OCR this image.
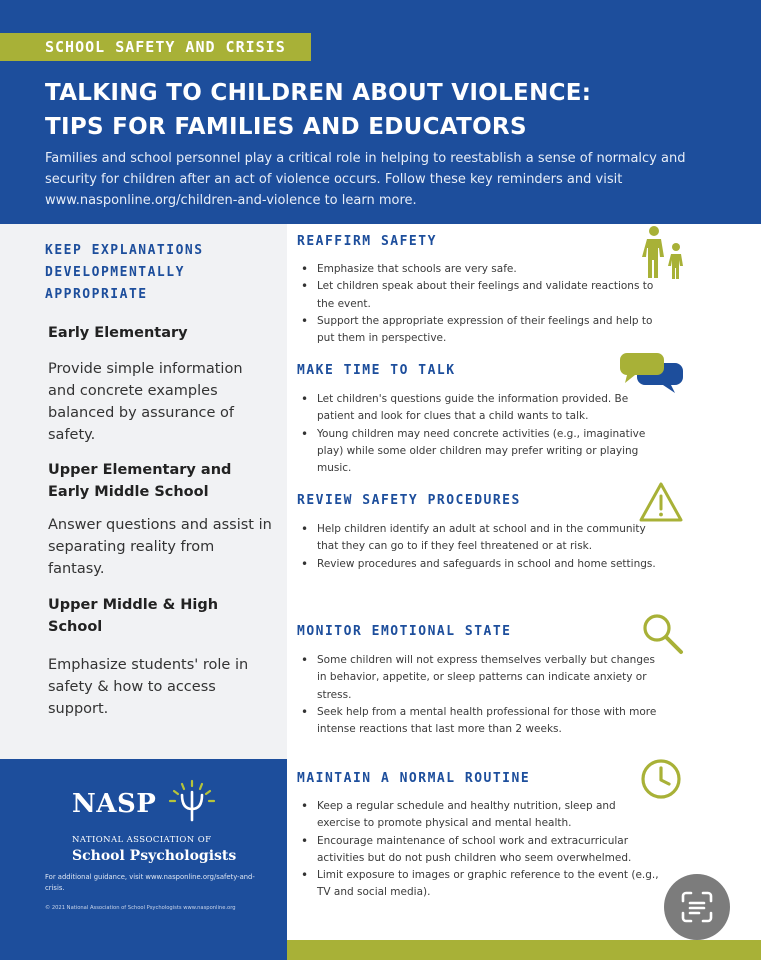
SCHOOL SAFETY AND CRISIS
TALKING TO CHILDREN ABOUT VIOLENCE:
TIPS FOR FAMILIES AND EDUCATORS

Families and school personnel play a critical role in helping to reestablish a sense of normalcy and security for children after an act of violence occurs. Follow these key reminders and visit www.nasponline.org/children-and-violence to learn more.

KEEP EXPLANATIONS DEVELOPMENTALLY APPROPRIATE
Early Elementary
Provide simple information and concrete examples balanced by assurance of safety.
Upper Elementary and Early Middle School
Answer questions and assist in separating reality from fantasy.
Upper Middle & High School
Emphasize students' role in safety & how to access support.
NASP
NATIONAL ASSOCIATION OF
School Psychologists
For additional guidance, visit www.nasponline.org/safety-and-crisis.
© 2021 National Association of School Psychologists www.nasponline.org
REAFFIRM SAFETY
• Emphasize that schools are very safe.
• Let children speak about their feelings and validate reactions to the event.
• Support the appropriate expression of their feelings and help to put them in perspective.
MAKE TIME TO TALK
• Let children's questions guide the information provided. Be patient and look for clues that a child wants to talk.
• Young children may need concrete activities (e.g., imaginative play) while some older children may prefer writing or playing music.
REVIEW SAFETY PROCEDURES
• Help children identify an adult at school and in the community that they can go to if they feel threatened or at risk.
• Review procedures and safeguards in school and home settings.
MONITOR EMOTIONAL STATE
• Some children will not express themselves verbally but changes in behavior, appetite, or sleep patterns can indicate anxiety or stress.
• Seek help from a mental health professional for those with more intense reactions that last more than 2 weeks.
MAINTAIN A NORMAL ROUTINE
• Keep a regular schedule and healthy nutrition, sleep and exercise to promote physical and mental health.
• Encourage maintenance of school work and extracurricular activities but do not push children who seem overwhelmed.
• Limit exposure to images or graphic reference to the event (e.g., TV and social media).
